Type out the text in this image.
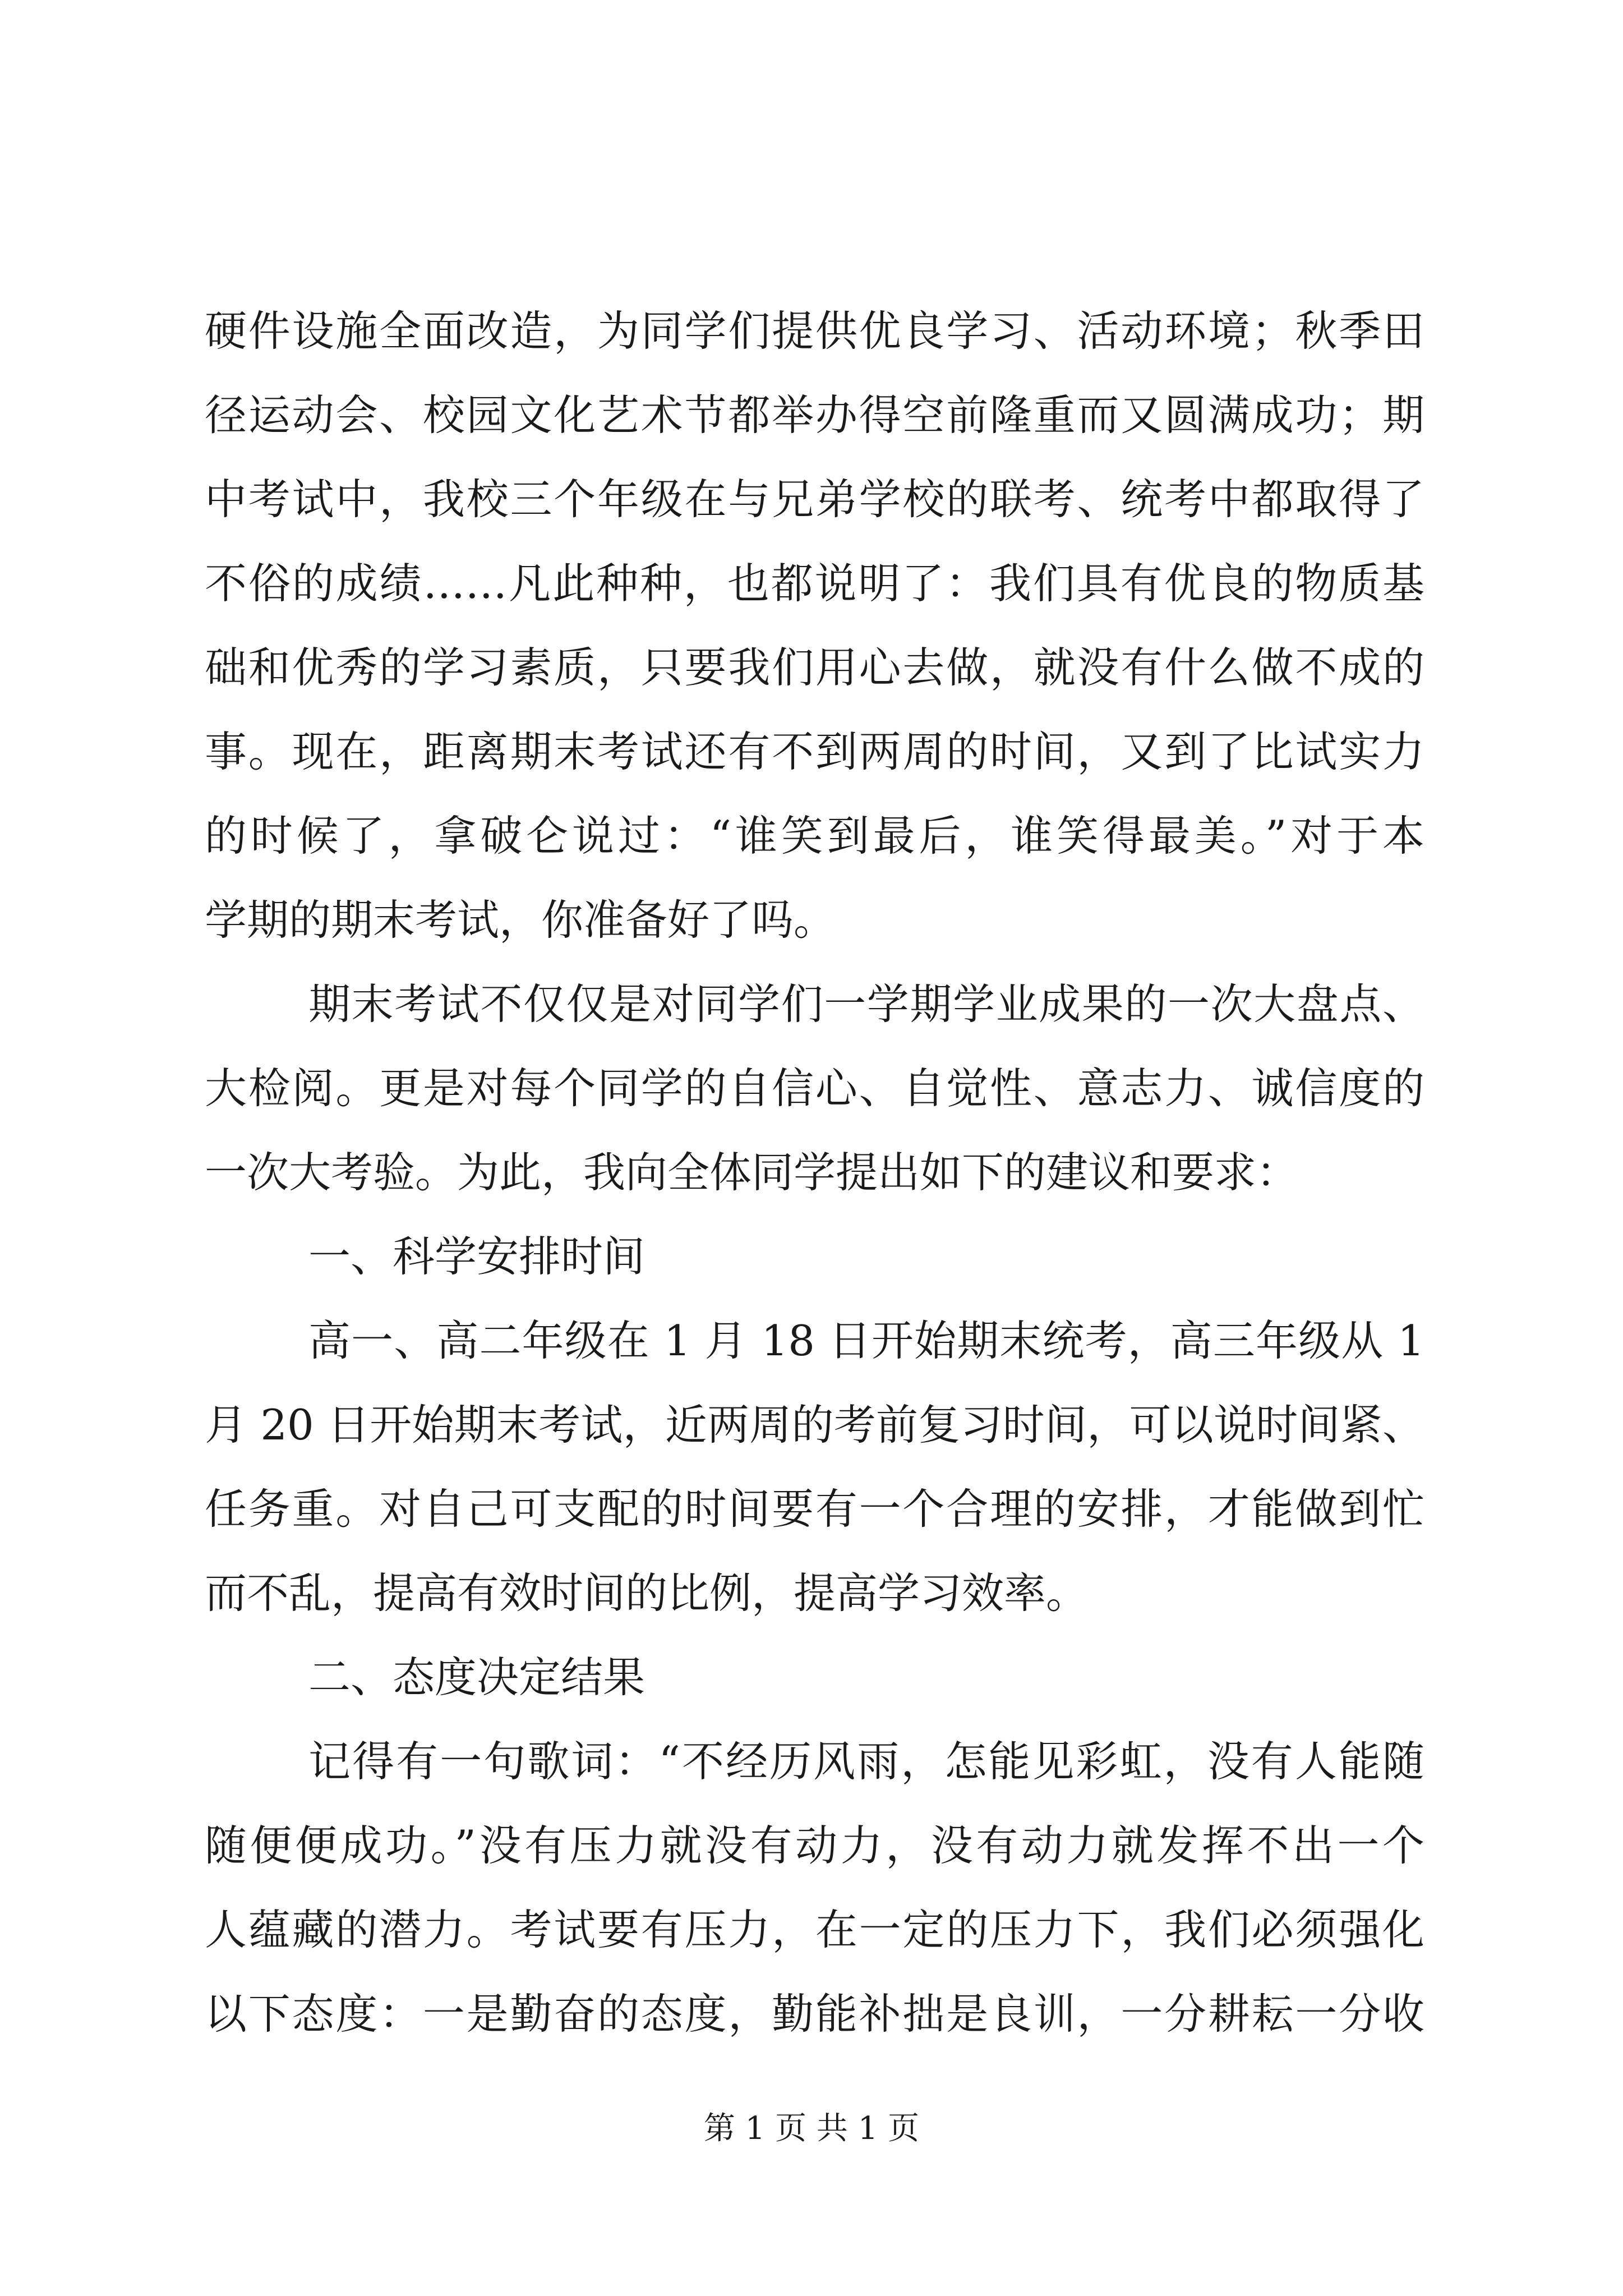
硬件设施全面改造，为同学们提供优良学习、活动环境；秋季田
径运动会、校园文化艺术节都举办得空前隆重而又圆满成功；期
中考试中，我校三个年级在与兄弟学校的联考、统考中都取得了
不俗的成绩……凡此种种，也都说明了：我们具有优良的物质基
础和优秀的学习素质，只要我们用心去做，就没有什么做不成的
事。现在，距离期末考试还有不到两周的时间，又到了比试实力
的时候了，拿破仑说过：“谁笑到最后，谁笑得最美。”对于本
学期的期末考试，你准备好了吗。
期末考试不仅仅是对同学们一学期学业成果的一次大盘点、
大检阅。更是对每个同学的自信心、自觉性、意志力、诚信度的
一次大考验。为此，我向全体同学提出如下的建议和要求：
一、科学安排时间
高一、高二年级在 1 月 18 日开始期末统考，高三年级从 1
月 20 日开始期末考试，近两周的考前复习时间，可以说时间紧、
任务重。对自己可支配的时间要有一个合理的安排，才能做到忙
而不乱，提高有效时间的比例，提高学习效率。
二、态度决定结果
记得有一句歌词：“不经历风雨，怎能见彩虹，没有人能随
随便便成功。”没有压力就没有动力，没有动力就发挥不出一个
人蕴藏的潜力。考试要有压力，在一定的压力下，我们必须强化
以下态度：一是勤奋的态度，勤能补拙是良训，一分耕耘一分收
第 1 页 共 1 页
